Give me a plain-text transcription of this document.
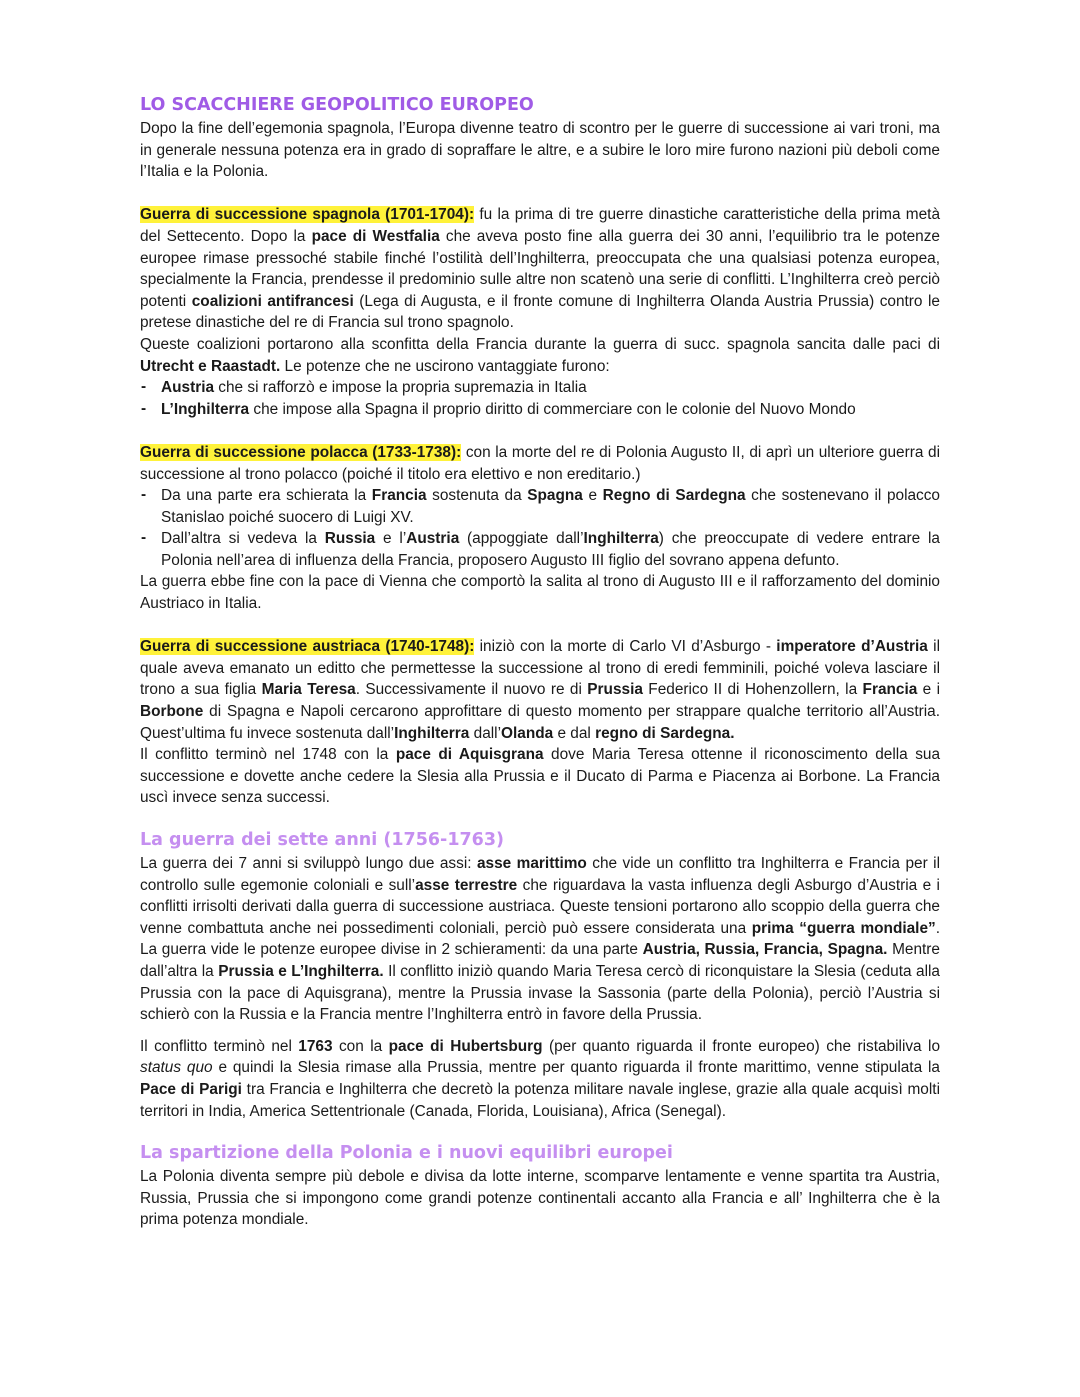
LO SCACCHIERE GEOPOLITICO EUROPEO

Dopo la fine dell’egemonia spagnola, l’Europa divenne teatro di scontro per le guerre di successione ai vari troni, ma in generale nessuna potenza era in grado di sopraffare le altre, e a subire le loro mire furono nazioni più deboli come l’Italia e la Polonia.

Guerra di successione spagnola (1701-1704): fu la prima di tre guerre dinastiche caratteristiche della prima metà del Settecento. Dopo la pace di Westfalia che aveva posto fine alla guerra dei 30 anni, l’equilibrio tra le potenze europee rimase pressoché stabile finché l’ostilità dell’Inghilterra, preoccupata che una qualsiasi potenza europea, specialmente la Francia, prendesse il predominio sulle altre non scatenò una serie di conflitti. L’Inghilterra creò perciò potenti coalizioni antifrancesi (Lega di Augusta, e il fronte comune di Inghilterra Olanda Austria Prussia) contro le pretese dinastiche del re di Francia sul trono spagnolo.

Queste coalizioni portarono alla sconfitta della Francia durante la guerra di succ. spagnola sancita dalle paci di Utrecht e Raastadt. Le potenze che ne uscirono vantaggiate furono:

- Austria che si rafforzò e impose la propria supremazia in Italia
- L’Inghilterra che impose alla Spagna il proprio diritto di commerciare con le colonie del Nuovo Mondo

Guerra di successione polacca (1733-1738): con la morte del re di Polonia Augusto II, di aprì un ulteriore guerra di successione al trono polacco (poiché il titolo era elettivo e non ereditario.)

- Da una parte era schierata la Francia sostenuta da Spagna e Regno di Sardegna che sostenevano il polacco Stanislao poiché suocero di Luigi XV.
- Dall’altra si vedeva la Russia e l’Austria (appoggiate dall’Inghilterra) che preoccupate di vedere entrare la Polonia nell’area di influenza della Francia, proposero Augusto III figlio del sovrano appena defunto.

La guerra ebbe fine con la pace di Vienna che comportò la salita al trono di Augusto III e il rafforzamento del dominio Austriaco in Italia.

Guerra di successione austriaca (1740-1748): iniziò con la morte di Carlo VI d’Asburgo - imperatore d’Austria il quale aveva emanato un editto che permettesse la successione al trono di eredi femminili, poiché voleva lasciare il trono a sua figlia Maria Teresa. Successivamente il nuovo re di Prussia Federico II di Hohenzollern, la Francia e i Borbone di Spagna e Napoli cercarono approfittare di questo momento per strappare qualche territorio all’Austria. Quest’ultima fu invece sostenuta dall’Inghilterra dall’Olanda e dal regno di Sardegna.

Il conflitto terminò nel 1748 con la pace di Aquisgrana dove Maria Teresa ottenne il riconoscimento della sua successione e dovette anche cedere la Slesia alla Prussia e il Ducato di Parma e Piacenza ai Borbone. La Francia uscì invece senza successi.

La guerra dei sette anni (1756-1763)

La guerra dei 7 anni si sviluppò lungo due assi: asse marittimo che vide un conflitto tra Inghilterra e Francia per il controllo sulle egemonie coloniali e sull’asse terrestre che riguardava la vasta influenza degli Asburgo d’Austria e i conflitti irrisolti derivati dalla guerra di successione austriaca. Queste tensioni portarono allo scoppio della guerra che venne combattuta anche nei possedimenti coloniali, perciò può essere considerata una prima “guerra mondiale”. La guerra vide le potenze europee divise in 2 schieramenti: da una parte Austria, Russia, Francia, Spagna. Mentre dall’altra la Prussia e L’Inghilterra. Il conflitto iniziò quando Maria Teresa cercò di riconquistare la Slesia (ceduta alla Prussia con la pace di Aquisgrana), mentre la Prussia invase la Sassonia (parte della Polonia), perciò l’Austria si schierò con la Russia e la Francia mentre l’Inghilterra entrò in favore della Prussia.

Il conflitto terminò nel 1763 con la pace di Hubertsburg (per quanto riguarda il fronte europeo) che ristabiliva lo status quo e quindi la Slesia rimase alla Prussia, mentre per quanto riguarda il fronte marittimo, venne stipulata la Pace di Parigi tra Francia e Inghilterra che decretò la potenza militare navale inglese, grazie alla quale acquisì molti territori in India, America Settentrionale (Canada, Florida, Louisiana), Africa (Senegal).

La spartizione della Polonia e i nuovi equilibri europei

La Polonia diventa sempre più debole e divisa da lotte interne, scomparve lentamente e venne spartita tra Austria, Russia, Prussia che si impongono come grandi potenze continentali accanto alla Francia e all’ Inghilterra che è la prima potenza mondiale.
